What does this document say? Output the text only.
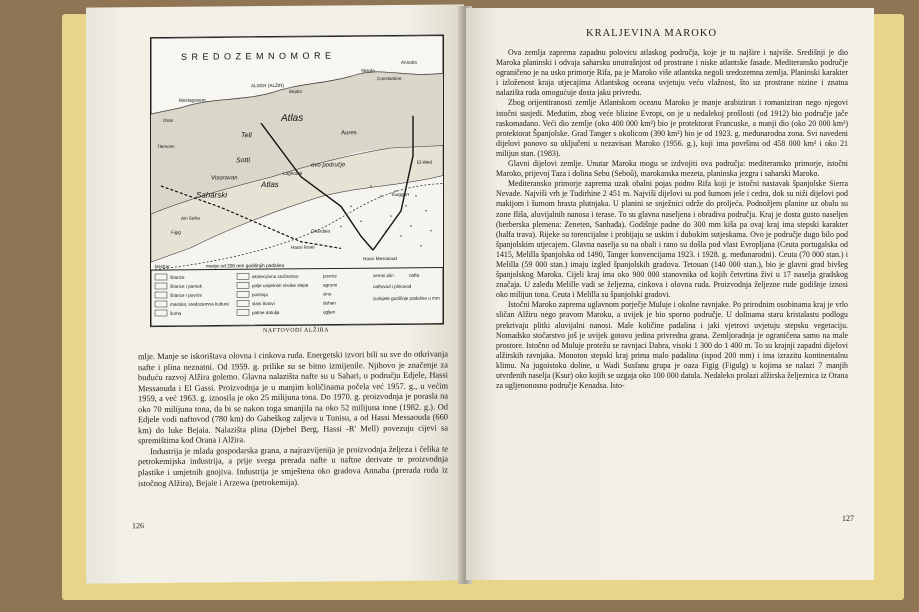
šitarice
šitarice i pamuk
šitarice i povrće
maslina; sredozemna kultura
šuma
ekstenzivno stočarstvo
polje umjetnim visoke stepe
pustinja
slani tlotovi
palme datulja
povrće
agrumi
vino
duhan
ugljen
zemni plin	nafta
naftovod i plinovod
izohijete godišnje padaline u mm
S R E D O Z E M N O M O R E
ALGER (ALŽIR)
Bejaia
Annaba
Constantine
Skikda
Mostaganem
Oran
Tlemcen
Aures
Laghouat
El-Wed
Ghardaia
Touggurt
Hassi Rmel
Hassi Messaoud
Beshar
Ain Sefra
Figig
Atlas
Tell
Saharski
Atlas
Sotti
Visoravan
ovo područje
manje od 200 mm godišnjih padalina
NAFTOVODI ALŽIRA

mlje. Manje se iskorištava olovna i cinkova ruda. Energetski izvori bili su sve do otkrivanja nafte i plina neznatni. Od 1959. g. prilike su se bitno izmijenile. Njihovo je značenje za buduću razvoj Alžira golemo. Glavna nalazišta nafte su u Sahari, u području Edjele, Hassi Messaouda i El Gassi. Proizvodnja je u manjim količinama počela već 1957. g., u većim 1959, a već 1963. g. iznosila je oko 25 milijuna tona. Do 1970. g. proizvodnja je porasla na oko 70 milijuna tona, da bi se nakon toga smanjila na oko 52 milijuna tone (1982. g.). Od Edjele vodi naftovod (780 km) do Gabeškog zaljeva u Tunisu, a od Hassi Messaouda (660 km) do luke Bejaia. Nalazišta plina (Djebel Berg, Hassi -R' Mell) povezuju cijevi sa spremištima kod Orana i Alžira.

Industrija je mlada gospodarska grana, a najrazvijenija je proizvodnja željeza i čelika te petrokemijska industrija, a prije svega prerada nafte u naftne derivate te proizvodnja plastike i umjetnih gnojiva. Industrija je smještena oko gradova Annaba (prerada ruda iz istočnog Alžira), Bejaie i Arzewa (petrokemija).

126
KRALJEVINA MAROKO

Ova zemlja zaprema zapadnu polovicu atlaskog područja, koje je tu najšire i najviše. Središnji je dio Maroka planinski i odvaja saharsku unutrašnjost od prostrane i niske atlantske fasade. Mediteransko područje ograničeno je na usko primorje Rifa, pa je Maroko više atlantska negoli sredozemna zemlja. Planinski karakter i izloženost kraja utjecajima Atlantskog oceana uvjetuju veću vlažnost, što uz prostrane nizine i znatna nalazišta ruda omogućuje dosta jaku privredu.

Zbog orijentiranosti zemlje Atlantskom oceanu Maroko je manje arabiziran i romaniziran nego njegovi istočni susjedi. Međutim, zbog veće blizine Evropi, on je u nedalekoj prošlosti (od 1912) bio područje jače raskomadano. Veći dio zemlje (oko 400 000 km²) bio je protektorat Francuske, a manji dio (oko 20 000 km²) protektorat Španjolske. Grad Tanger s okolicom (390 km²) bio je od 1923. g. međunarodna zona. Svi navedeni dijelovi ponovo su uključeni u nezavisan Maroko (1956. g.), koji ima površinu od 458 000 km² i oko 21 milijun stan. (1983).

Glavni dijelovi zemlje. Unutar Maroka mogu se izdvojiti ova područja: mediteransko primorje, istočni Maroko, prijevoj Taza i dolina Sebu (Seboû), marokanska mezeta, planinska jezgra i saharski Maroko.

Mediteransko primorje zaprema uzak obalni pojas podno Rifa koji je istočni nastavak španjolske Sierra Nevade. Najviši vrh je Tudirhine 2 451 m. Najviši dijelovi su pod šumom jele i cedra, dok su niži dijelovi pod makijom i šumom hrasta plutnjaka. U planini se snježnici održe do proljeća. Podnožjem planine uz obalu su zone fliša, aluvijalnih nanosa i terase. To su glavna naseljena i obradiva područja. Kraj je dosta gusto naseljen (berberska plemena: Zeneten, Sanhađa). Godišnje padne do 300 mm kiša pa ovaj kraj ima stepski karakter (halfa trava). Rijeke su torencijalne i probijaju se uskim i dubokim sutjeskama. Ovo je područje dugo bilo pod španjolskim utjecajem. Glavna naselja su na obali i rano su došla pod vlast Evropljana (Ceuta portugalska od 1415, Melilla španjolska od 1490, Tanger konvencijama 1923. i 1928. g. međunarodni). Ceuta (70 000 stan.) i Melilla (59 000 stan.) imaju izgled španjolskih gradova. Tetouan (140 000 stan.), bio je glavni grad bivšeg španjolskog Maroka. Cijeli kraj ima oko 900 000 stanovnika od kojih četvrtina živi u 17 naselja gradskog značaja. U zaleđu Melille vadi se željezna, cinkova i olovna ruda. Proizvodnja željezne rude godišnje iznosi oko milijun tona. Ceuta i Melilla su španjolski gradovi.

Istočni Maroko zaprema uglavnom porječje Muluje i okolne ravnjake. Po prirodnim osobinama kraj je vrlo sličan Alžiru nego pravom Maroku, a uvijek je bio sporno područje. U dolinama staru kristalastu podlogu prekrivaju plitki aluvijalni nanosi. Male količine padalina i jaki vjetrovi uvjetuju stepsku vegetaciju. Nomadsko stočarstvo još je uvijek gotovo jedina privredna grana. Zemljoradnja je ograničena samo na male prostore. Istočno od Muluje protežu se ravnjaci Dahra, visoki 1 300 do 1 400 m. To su krajnji zapadni dijelovi alžirskih ravnjaka. Monoton stepski kraj prima malo padalina (ispod 200 mm) i ima izrazitu kontinentalnu klimu. Na jugoistoku doline, u Wadi Susfanu grupa je oaza Figig (Figulg) u kojima se nalazi 7 manjih utvrđenih naselja (Ksur) oko kojih se uzgaja oko 100 000 datula. Nedaleko prolazi alžirska željeznica iz Orana za ugljenonosno područje Kenadsa. Isto-

127
